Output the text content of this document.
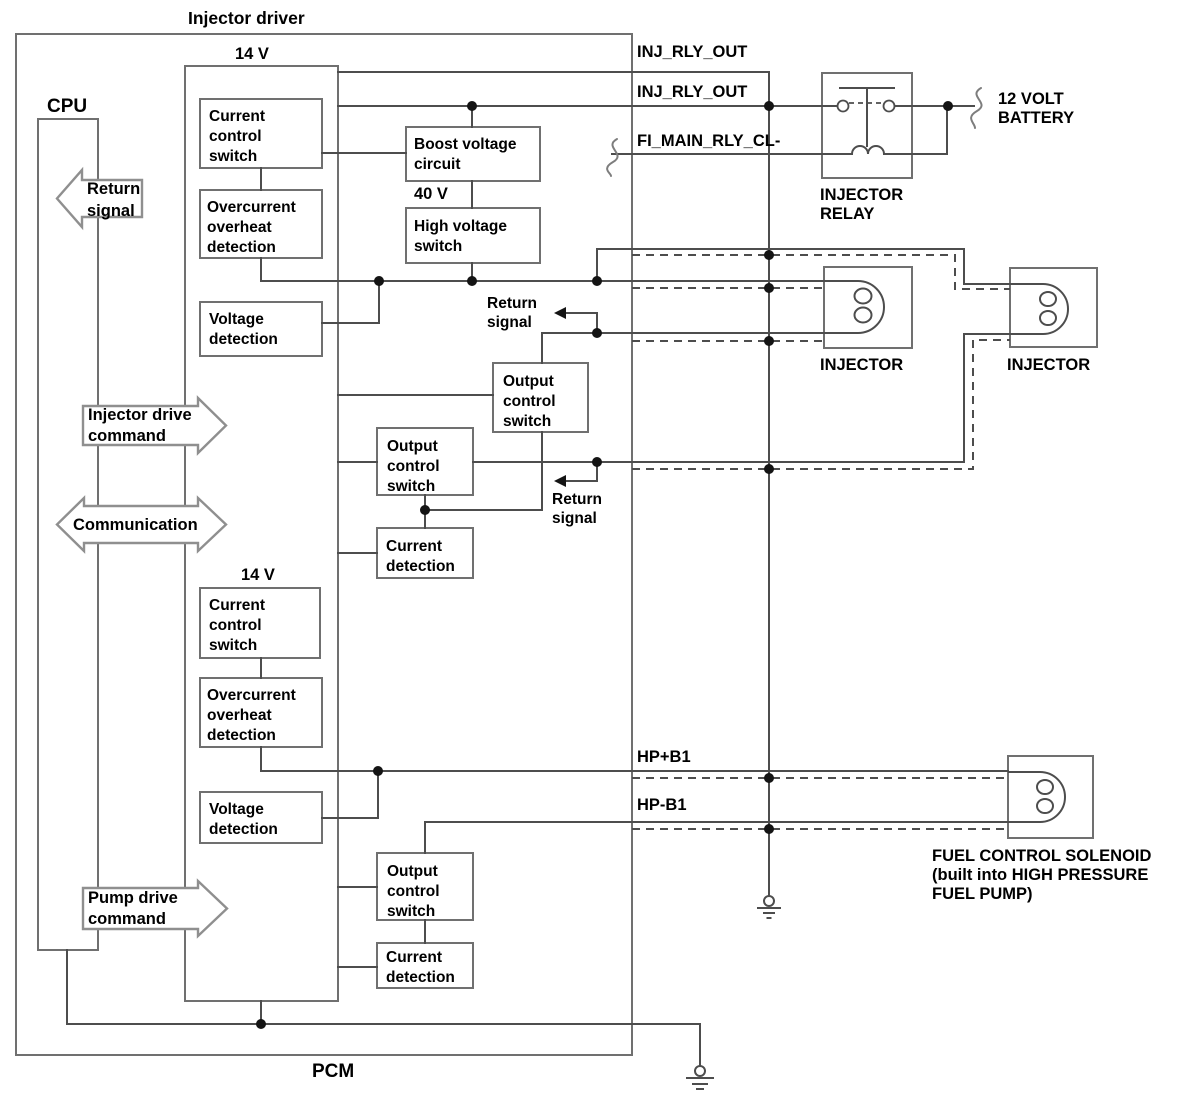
Return
signal
Injector drive
command
Communication
Pump drive
command
Injector driver
CPU
PCM
14 V
40 V
14 V
INJ_RLY_OUT
INJ_RLY_OUT
FI_MAIN_RLY_CL-
HP+B1
HP-B1
Return
signal
Return
signal
Current
control
switch
Overcurrent
overheat
detection
Voltage
detection
Boost voltage
circuit
High voltage
switch
Output
control
switch
Output
control
switch
Current
detection
Current
control
switch
Overcurrent
overheat
detection
Voltage
detection
Output
control
switch
Current
detection
12 VOLT
BATTERY
INJECTOR
RELAY
INJECTOR	INJECTOR
FUEL CONTROL SOLENOID
(built into HIGH PRESSURE
FUEL PUMP)
